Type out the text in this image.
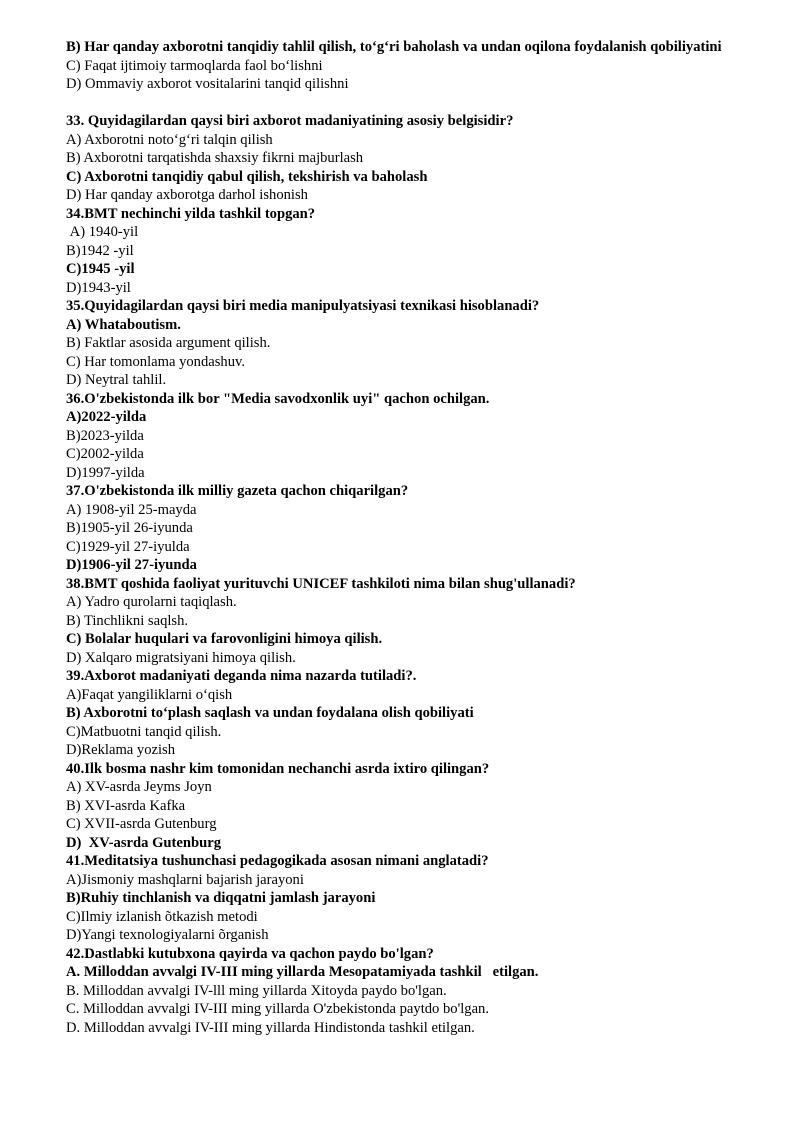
B) Har qanday axborotni tanqidiy tahlil qilish, to‘g‘ri baholash va undan oqilona foydalanish qobiliyatini

C) Faqat ijtimoiy tarmoqlarda faol bo‘lishni

D) Ommaviy axborot vositalarini tanqid qilishni

33. Quyidagilardan qaysi biri axborot madaniyatining asosiy belgisidir?

A) Axborotni noto‘g‘ri talqin qilish

B) Axborotni tarqatishda shaxsiy fikrni majburlash

C) Axborotni tanqidiy qabul qilish, tekshirish va baholash

D) Har qanday axborotga darhol ishonish

34.BMT nechinchi yilda tashkil topgan?

A) 1940-yil

B)1942 -yil

C)1945 -yil

D)1943-yil

35.Quyidagilardan qaysi biri media manipulyatsiyasi texnikasi hisoblanadi?

A) Whataboutism.

B) Faktlar asosida argument qilish.

C) Har tomonlama yondashuv.

D) Neytral tahlil.

36.O'zbekistonda ilk bor "Media savodxonlik uyi" qachon ochilgan.

A)2022-yilda

B)2023-yilda

C)2002-yilda

D)1997-yilda

37.O'zbekistonda ilk milliy gazeta qachon chiqarilgan?

A) 1908-yil 25-mayda

B)1905-yil 26-iyunda

C)1929-yil 27-iyulda

D)1906-yil 27-iyunda

38.BMT qoshida faoliyat yurituvchi UNICEF tashkiloti nima bilan shug'ullanadi?

A) Yadro qurolarni taqiqlash.

B) Tinchliknі saqlsh.

C) Bolalar huqulari va farovonligini himoya qilish.

D) Xalqaro migratsiyani himoya qilish.

39.Axborot madaniyati deganda nima nazarda tutiladi?.

A)Faqat yangiliklarni o‘qish

B) Axborotni to‘plash saqlash va undan foydalana olish qobiliyati

C)Matbuotni tanqid qilish.

D)Reklama yozish

40.Ilk bosma nashr kim tomonidan nechanchi asrda ixtiro qilingan?

A) XV-asrda Jeyms Joyn

B) XVI-asrda Kafka

C) XVII-asrda Gutenburg

D)  XV-asrda Gutenburg

41.Meditatsiya tushunchasi pedagogikada asosan nimani anglatadi?

A)Jismoniy mashqlarni bajarish jarayoni

B)Ruhiy tinchlanish va diqqatni jamlash jarayoni

C)Ilmiy izlanish õtkazish metodi

D)Yangi texnologiyalarni õrganish

42.Dastlabki kutubxona qayirda va qachon paydo bo'lgan?

A. Milloddan avvalgi IV-III ming yillarda Mesopatamiyada tashkil   etilgan.

B. Milloddan avvalgi IV-lll ming yillarda Xitoyda paydo bo'lgan.

C. Milloddan avvalgi IV-III ming yillarda O'zbekistonda paytdo bo'lgan.

D. Milloddan avvalgi IV-III ming yillarda Hindistonda tashkil etilgan.
